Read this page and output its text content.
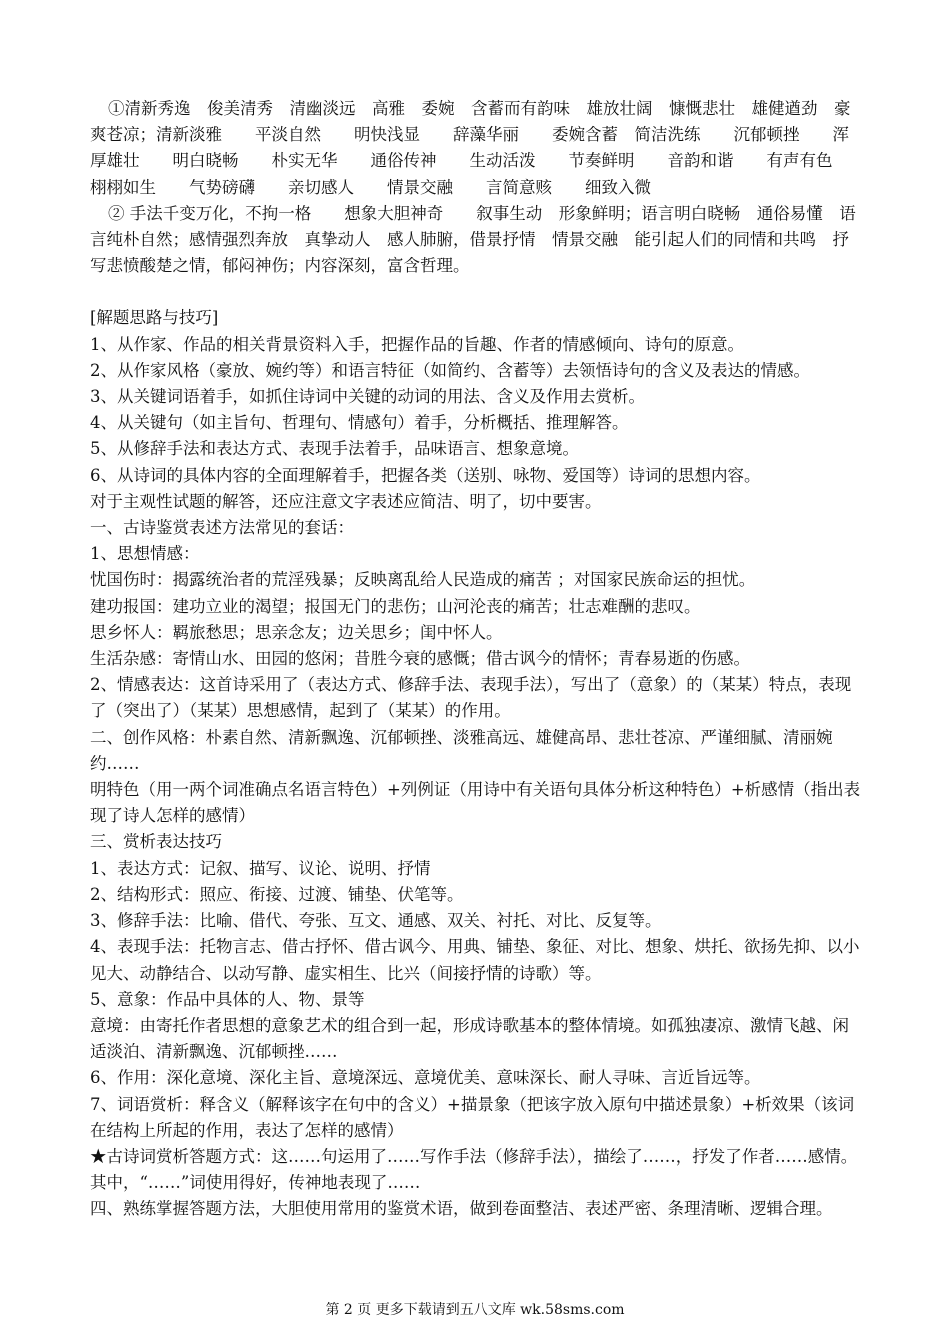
①清新秀逸　俊美清秀　清幽淡远　高雅　委婉　含蓄而有韵味　雄放壮阔　慷慨悲壮　雄健遒劲　豪爽苍凉；清新淡雅　　平淡自然　　明快浅显　　辞藻华丽　　委婉含蓄　简洁洗练　　沉郁顿挫　　浑厚雄壮　　明白晓畅　　朴实无华　　通俗传神　　生动活泼　　节奏鲜明　　音韵和谐　　有声有色　　栩栩如生　　气势磅礴　　亲切感人　　情景交融　　言简意赅　　细致入微

② 手法千变万化，不拘一格　　想象大胆神奇　　叙事生动　形象鲜明；语言明白晓畅　通俗易懂　语言纯朴自然；感情强烈奔放　真挚动人　感人肺腑，借景抒情　情景交融　能引起人们的同情和共鸣　抒写悲愤酸楚之情，郁闷神伤；内容深刻，富含哲理。

[解题思路与技巧]

1、从作家、作品的相关背景资料入手，把握作品的旨趣、作者的情感倾向、诗句的原意。

2、从作家风格（豪放、婉约等）和语言特征（如简约、含蓄等）去领悟诗句的含义及表达的情感。

3、从关键词语着手，如抓住诗词中关键的动词的用法、含义及作用去赏析。

4、从关键句（如主旨句、哲理句、情感句）着手，分析概括、推理解答。

5、从修辞手法和表达方式、表现手法着手，品味语言、想象意境。

6、从诗词的具体内容的全面理解着手，把握各类（送别、咏物、爱国等）诗词的思想内容。

对于主观性试题的解答，还应注意文字表述应简洁、明了，切中要害。

一、古诗鉴赏表述方法常见的套话：

1、思想情感：

忧国伤时：揭露统治者的荒淫残暴；反映离乱给人民造成的痛苦 ；对国家民族命运的担忧。

建功报国：建功立业的渴望；报国无门的悲伤；山河沦丧的痛苦；壮志难酬的悲叹。

思乡怀人：羁旅愁思；思亲念友；边关思乡；闺中怀人。

生活杂感：寄情山水、田园的悠闲；昔胜今衰的感慨；借古讽今的情怀；青春易逝的伤感。

2、情感表达：这首诗采用了（表达方式、修辞手法、表现手法），写出了（意象）的（某某）特点，表现了（突出了）（某某）思想感情，起到了（某某）的作用。

二、创作风格：朴素自然、清新飘逸、沉郁顿挫、淡雅高远、雄健高昂、悲壮苍凉、严谨细腻、清丽婉约……

明特色（用一两个词准确点名语言特色）+列例证（用诗中有关语句具体分析这种特色）+析感情（指出表现了诗人怎样的感情）

三、赏析表达技巧

1、表达方式：记叙、描写、议论、说明、抒情

2、结构形式：照应、衔接、过渡、铺垫、伏笔等。

3、修辞手法：比喻、借代、夸张、互文、通感、双关、衬托、对比、反复等。

4、表现手法：托物言志、借古抒怀、借古讽今、用典、铺垫、象征、对比、想象、烘托、欲扬先抑、以小见大、动静结合、以动写静、虚实相生、比兴（间接抒情的诗歌）等。

5、意象：作品中具体的人、物、景等

意境：由寄托作者思想的意象艺术的组合到一起，形成诗歌基本的整体情境。如孤独凄凉、激情飞越、闲适淡泊、清新飘逸、沉郁顿挫……

6、作用：深化意境、深化主旨、意境深远、意境优美、意味深长、耐人寻味、言近旨远等。

7、词语赏析：释含义（解释该字在句中的含义）+描景象（把该字放入原句中描述景象）+析效果（该词在结构上所起的作用，表达了怎样的感情）

★古诗词赏析答题方式：这……句运用了……写作手法（修辞手法），描绘了……，抒发了作者……感情。其中，“……”词使用得好，传神地表现了……

四、熟练掌握答题方法，大胆使用常用的鉴赏术语，做到卷面整洁、表述严密、条理清晰、逻辑合理。

第 2 页 更多下载请到五八文库 wk.58sms.com
